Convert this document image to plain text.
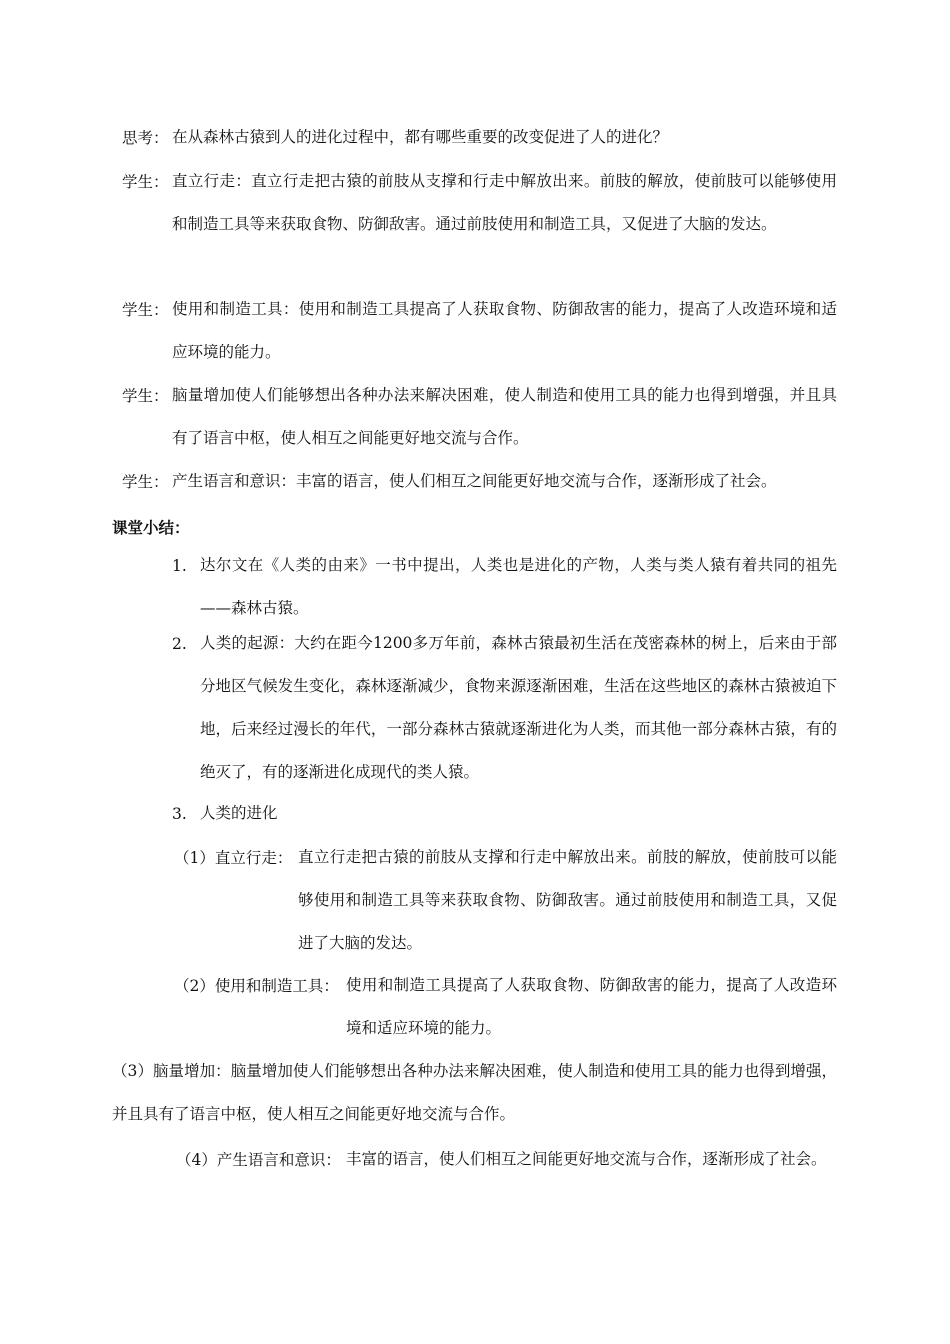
思考： 在从森林古猿到人的进化过程中，都有哪些重要的改变促进了人的进化？
学生： 直立行走：直立行走把古猿的前肢从支撑和行走中解放出来。前肢的解放，使前肢可以能够使用和制造工具等来获取食物、防御敌害。通过前肢使用和制造工具，又促进了大脑的发达。
学生： 使用和制造工具：使用和制造工具提高了人获取食物、防御敌害的能力，提高了人改造环境和适应环境的能力。
学生： 脑量增加使人们能够想出各种办法来解决困难，使人制造和使用工具的能力也得到增强，并且具有了语言中枢，使人相互之间能更好地交流与合作。
学生： 产生语言和意识：丰富的语言，使人们相互之间能更好地交流与合作，逐渐形成了社会。
课堂小结：
1. 达尔文在《人类的由来》一书中提出，人类也是进化的产物，人类与类人猿有着共同的祖先——森林古猿。
2. 人类的起源：大约在距今1200多万年前，森林古猿最初生活在茂密森林的树上，后来由于部分地区气候发生变化，森林逐渐减少，食物来源逐渐困难，生活在这些地区的森林古猿被迫下地，后来经过漫长的年代，一部分森林古猿就逐渐进化为人类，而其他一部分森林古猿，有的绝灭了，有的逐渐进化成现代的类人猿。
3. 人类的进化
（1）直立行走： 直立行走把古猿的前肢从支撑和行走中解放出来。前肢的解放，使前肢可以能够使用和制造工具等来获取食物、防御敌害。通过前肢使用和制造工具，又促进了大脑的发达。
（2）使用和制造工具： 使用和制造工具提高了人获取食物、防御敌害的能力，提高了人改造环境和适应环境的能力。
（3）脑量增加：脑量增加使人们能够想出各种办法来解决困难，使人制造和使用工具的能力也得到增强，并且具有了语言中枢，使人相互之间能更好地交流与合作。
（4）产生语言和意识： 丰富的语言，使人们相互之间能更好地交流与合作，逐渐形成了社会。
